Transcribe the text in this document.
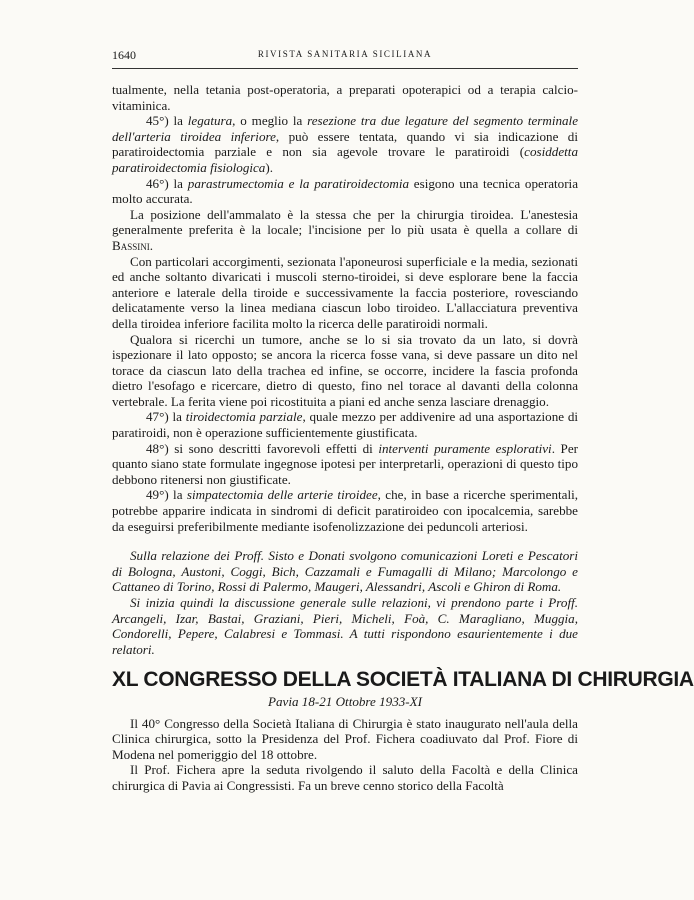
1640	RIVISTA SANITARIA SICILIANA

tualmente, nella tetania post-operatoria, a preparati opoterapici od a terapia calcio-vitaminica.

45°) la legatura, o meglio la resezione tra due legature del segmento terminale dell'arteria tiroidea inferiore, può essere tentata, quando vi sia indicazione di paratiroidectomia parziale e non sia agevole trovare le paratiroidi (cosiddetta paratiroidectomia fisiologica).

46°) la parastrumectomia e la paratiroidectomia esigono una tecnica operatoria molto accurata.

La posizione dell'ammalato è la stessa che per la chirurgia tiroidea. L'anestesia generalmente preferita è la locale; l'incisione per lo più usata è quella a collare di Bassini.

Con particolari accorgimenti, sezionata l'aponeurosi superficiale e la media, sezionati ed anche soltanto divaricati i muscoli sterno-tiroidei, si deve esplorare bene la faccia anteriore e laterale della tiroide e successivamente la faccia posteriore, rovesciando delicatamente verso la linea mediana ciascun lobo tiroideo. L'allacciatura preventiva della tiroidea inferiore facilita molto la ricerca delle paratiroidi normali.

Qualora si ricerchi un tumore, anche se lo si sia trovato da un lato, si dovrà ispezionare il lato opposto; se ancora la ricerca fosse vana, si deve passare un dito nel torace da ciascun lato della trachea ed infine, se occorre, incidere la fascia profonda dietro l'esofago e ricercare, dietro di questo, fino nel torace al davanti della colonna vertebrale. La ferita viene poi ricostituita a piani ed anche senza lasciare drenaggio.

47°) la tiroidectomia parziale, quale mezzo per addivenire ad una asportazione di paratiroidi, non è operazione sufficientemente giustificata.

48°) si sono descritti favorevoli effetti di interventi puramente esplorativi. Per quanto siano state formulate ingegnose ipotesi per interpretarli, operazioni di questo tipo debbono ritenersi non giustificate.

49°) la simpatectomia delle arterie tiroidee, che, in base a ricerche sperimentali, potrebbe apparire indicata in sindromi di deficit paratiroideo con ipocalcemia, sarebbe da eseguirsi preferibilmente mediante isofenolizzazione dei peduncoli arteriosi.

Sulla relazione dei Proff. Sisto e Donati svolgono comunicazioni Loreti e Pescatori di Bologna, Austoni, Coggi, Bich, Cazzamali e Fumagalli di Milano; Marcolongo e Cattaneo di Torino, Rossi di Palermo, Maugeri, Alessandri, Ascoli e Ghiron di Roma.

Si inizia quindi la discussione generale sulle relazioni, vi prendono parte i Proff. Arcangeli, Izar, Bastai, Graziani, Pieri, Micheli, Foà, C. Maragliano, Muggia, Condorelli, Pepere, Calabresi e Tommasi. A tutti rispondono esaurientemente i due relatori.

XL CONGRESSO DELLA SOCIETÀ ITALIANA DI CHIRURGIA
Pavia 18-21 Ottobre 1933-XI

Il 40° Congresso della Società Italiana di Chirurgia è stato inaugurato nell'aula della Clinica chirurgica, sotto la Presidenza del Prof. Fichera coadiuvato dal Prof. Fiore di Modena nel pomeriggio del 18 ottobre.

Il Prof. Fichera apre la seduta rivolgendo il saluto della Facoltà e della Clinica chirurgica di Pavia ai Congressisti. Fa un breve cenno storico della Facoltà
